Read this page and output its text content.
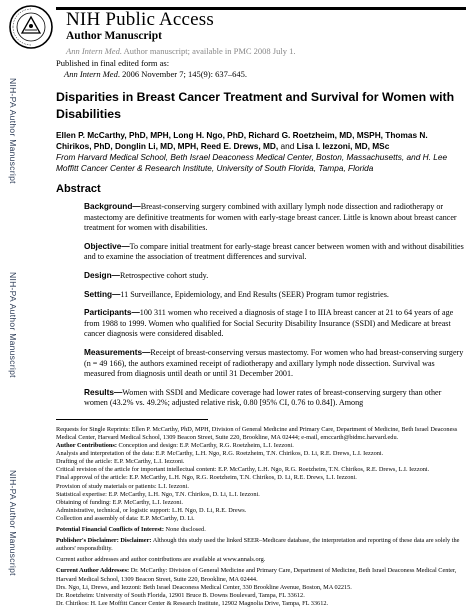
NIH Public Access
Author Manuscript
Ann Intern Med. Author manuscript; available in PMC 2008 July 1.
NIH-PA Author Manuscript
NIH-PA Author Manuscript
NIH-PA Author Manuscript
Published in final edited form as:
Ann Intern Med. 2006 November 7; 145(9): 637–645.
Disparities in Breast Cancer Treatment and Survival for Women with Disabilities
Ellen P. McCarthy, PhD, MPH, Long H. Ngo, PhD, Richard G. Roetzheim, MD, MSPH, Thomas N. Chirikos, PhD, Donglin Li, MD, MPH, Reed E. Drews, MD, and Lisa I. Iezzoni, MD, MSc
From Harvard Medical School, Beth Israel Deaconess Medical Center, Boston, Massachusetts, and H. Lee Moffitt Cancer Center & Research Institute, University of South Florida, Tampa, Florida
Abstract

Background—Breast-conserving surgery combined with axillary lymph node dissection and radiotherapy or mastectomy are definitive treatments for women with early-stage breast cancer. Little is known about breast cancer treatment for women with disabilities.

Objective—To compare initial treatment for early-stage breast cancer between women with and without disabilities and to examine the association of treatment differences and survival.

Design—Retrospective cohort study.

Setting—11 Surveillance, Epidemiology, and End Results (SEER) Program tumor registries.

Participants—100 311 women who received a diagnosis of stage I to IIIA breast cancer at 21 to 64 years of age from 1988 to 1999. Women who qualified for Social Security Disability Insurance (SSDI) and Medicare at breast cancer diagnosis were considered disabled.

Measurements—Receipt of breast-conserving versus mastectomy. For women who had breast-conserving surgery (n = 49 166), the authors examined receipt of radiotherapy and axillary lymph node dissection. Survival was measured from diagnosis until death or until 31 December 2001.

Results—Women with SSDI and Medicare coverage had lower rates of breast-conserving surgery than other women (43.2% vs. 49.2%; adjusted relative risk, 0.80 [95% CI, 0.76 to 0.84]). Among

Requests for Single Reprints: Ellen P. McCarthy, PhD, MPH, Division of General Medicine and Primary Care, Department of Medicine, Beth Israel Deaconess Medical Center, Harvard Medical School, 1309 Beacon Street, Suite 220, Brookline, MA 02444; e-mail, emccarth@bidmc.harvard.edu.
Author Contributions: Conception and design: E.P. McCarthy, R.G. Roetzheim, L.I. Iezzoni.
Analysis and interpretation of the data: E.P. McCarthy, L.H. Ngo, R.G. Roetzheim, T.N. Chirikos, D. Li, R.E. Drews, L.I. Iezzoni.
Drafting of the article: E.P. McCarthy, L.I. Iezzoni.
Critical revision of the article for important intellectual content: E.P. McCarthy, L.H. Ngo, R.G. Roetzheim, T.N. Chirikos, R.E. Drews, L.I. Iezzoni.
Final approval of the article: E.P. McCarthy, L.H. Ngo, R.G. Roetzheim, T.N. Chirikos, D. Li, R.E. Drews, L.I. Iezzoni.
Provision of study materials or patients: L.I. Iezzoni.
Statistical expertise: E.P. McCarthy, L.H. Ngo, T.N. Chirikos, D. Li, L.I. Iezzoni.
Obtaining of funding: E.P. McCarthy, L.I. Iezzoni.
Administrative, technical, or logistic support: L.H. Ngo, D. Li, R.E. Drews.
Collection and assembly of data: E.P. McCarthy, D. Li.
Potential Financial Conflicts of Interest: None disclosed.
Publisher's Disclaimer: Disclaimer: Although this study used the linked SEER–Medicare database, the interpretation and reporting of these data are solely the authors' responsibility.
Current author addresses and author contributions are available at www.annals.org.
Current Author Addresses: Dr. McCarthy: Division of General Medicine and Primary Care, Department of Medicine, Beth Israel Deaconess Medical Center, Harvard Medical School, 1309 Beacon Street, Suite 220, Brookline, MA 02444.
Drs. Ngo, Li, Drews, and Iezzoni: Beth Israel Deaconess Medical Center, 330 Brookline Avenue, Boston, MA 02215.
Dr. Roetzheim: University of South Florida, 12901 Bruce B. Downs Boulevard, Tampa, FL 33612.
Dr. Chirikos: H. Lee Moffitt Cancer Center & Research Institute, 12902 Magnolia Drive, Tampa, FL 33612.
